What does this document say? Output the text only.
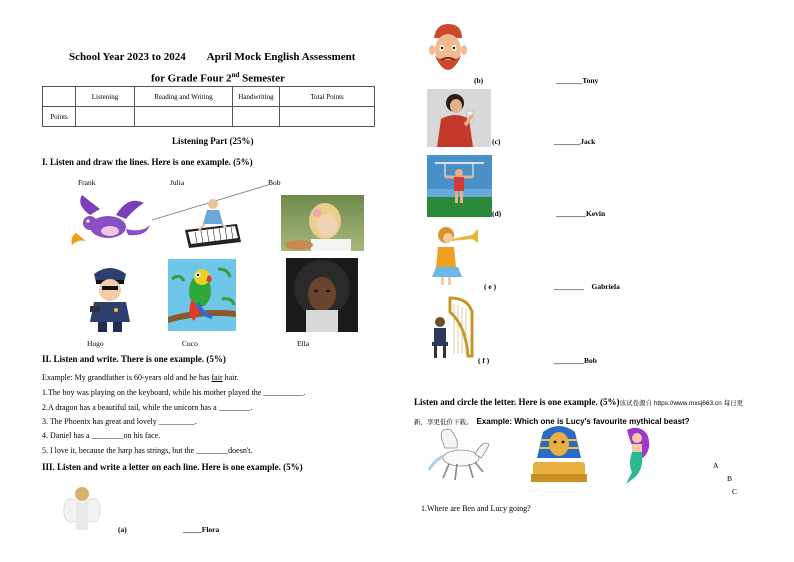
School Year 2023 to 2024 April Mock English Assessment
for Grade Four 2nd Semester
	Listening	Reading and Writing	Handwriting	Total Points
Points				
Listening Part (25%)
I. Listen and draw the lines. Here is one example. (5%)
Frank	Julia	Bob
Hugo	Cuco	Ella
II. Listen and write. There is one example. (5%)
Example: My grandfather is 60-years old and he has fair hair.
1.The boy was playing on the keyboard, while his mother played the __________.
2.A dragon has a beautiful tail, while the unicorn has a ________.
3. The Phoenix has great and lovely _________.
4. Daniel has a ________on his face.
5. I love it, because the harp has strings, but the ________doesn't.
III. Listen and write a letter on each line. Here is one example. (5%)
(a)	_____Flora
(b)	_______Tony
(c)	_______Jack
(d)	________Kevin
( e )	________    Gabriela
( f )	________Bob
Listen and circle the letter. Here is one example. (5%)该试卷源自 https://www.mxsj663.cn 每日更
新，享更低价下载。 Example: Which one is Lucy's favourite mythical beast?
A
B
C
1.Where are Ben and Lucy going?
